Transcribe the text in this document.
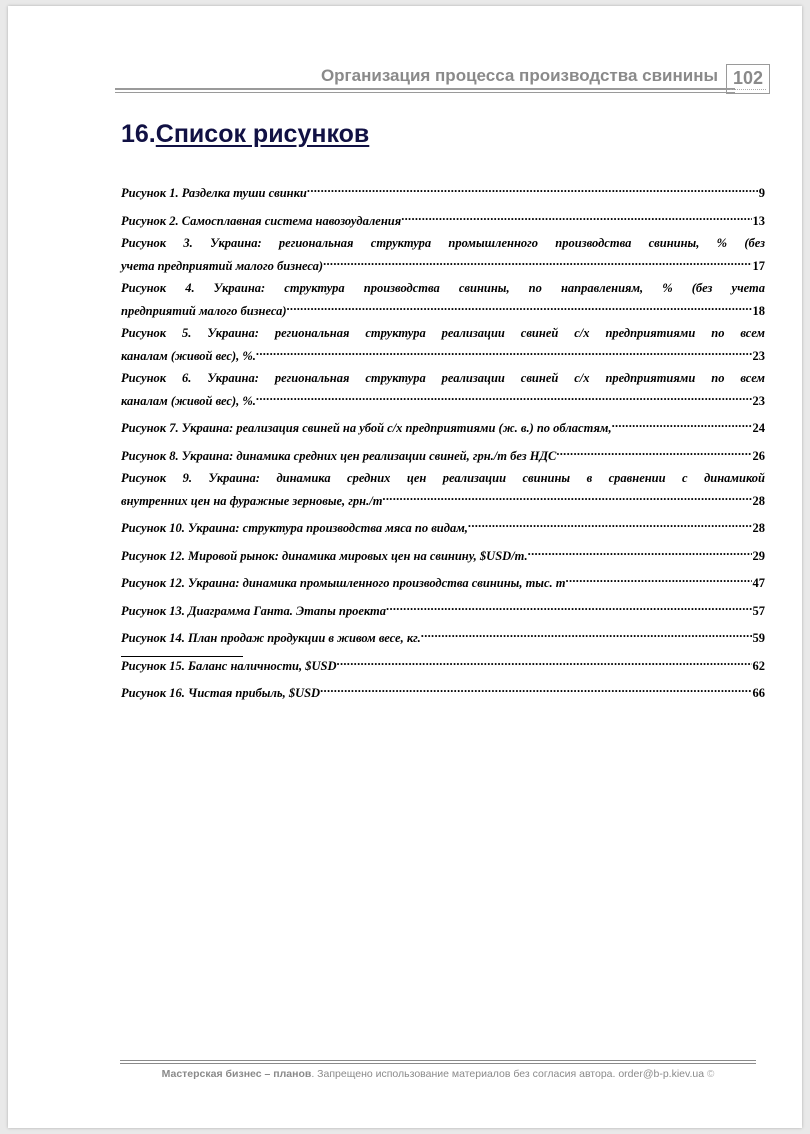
Организация процесса производства свинины 102
16.Список рисунков
Рисунок 1. Разделка туши свинки .....	9
Рисунок 2. Самосплавная система навозоудаления .....	13
Рисунок 3. Украина: региональная структура промышленного производства свинины, % (без
учета предприятий малого бизнеса) .....	17
Рисунок 4. Украина: структура производства свинины, по направлениям, % (без учета
предприятий малого бизнеса) .....	18
Рисунок 5. Украина: региональная структура реализации свиней с/х предприятиями по всем
каналам (живой вес), %. .....	23
Рисунок 6. Украина: региональная структура реализации свиней с/х предприятиями по всем
каналам (живой вес), %. .....	23
Рисунок 7. Украина: реализация свиней на убой с/х предприятиями (ж. в.) по областям, .....	24
Рисунок 8. Украина: динамика средних цен реализации свиней, грн./т без НДС .....	26
Рисунок 9. Украина: динамика средних цен реализации свинины в сравнении с динамикой
внутренних цен на фуражные зерновые, грн./т .....	28
Рисунок 10. Украина: структура производства мяса по видам, .....	28
Рисунок 12. Мировой рынок: динамика мировых цен на свинину, $USD/т. .....	29
Рисунок 12. Украина: динамика промышленного производства свинины, тыс. т .....	47
Рисунок 13. Диаграмма Ганта. Этапы проекта .....	57
Рисунок 14. План продаж продукции в живом весе, кг. .....	59
Рисунок 15. Баланс наличности, $USD .....	62
Рисунок 16. Чистая прибыль, $USD .....	66
Мастерская бизнес – планов. Запрещено использование материалов без согласия автора. order@b-p.kiev.ua ©
